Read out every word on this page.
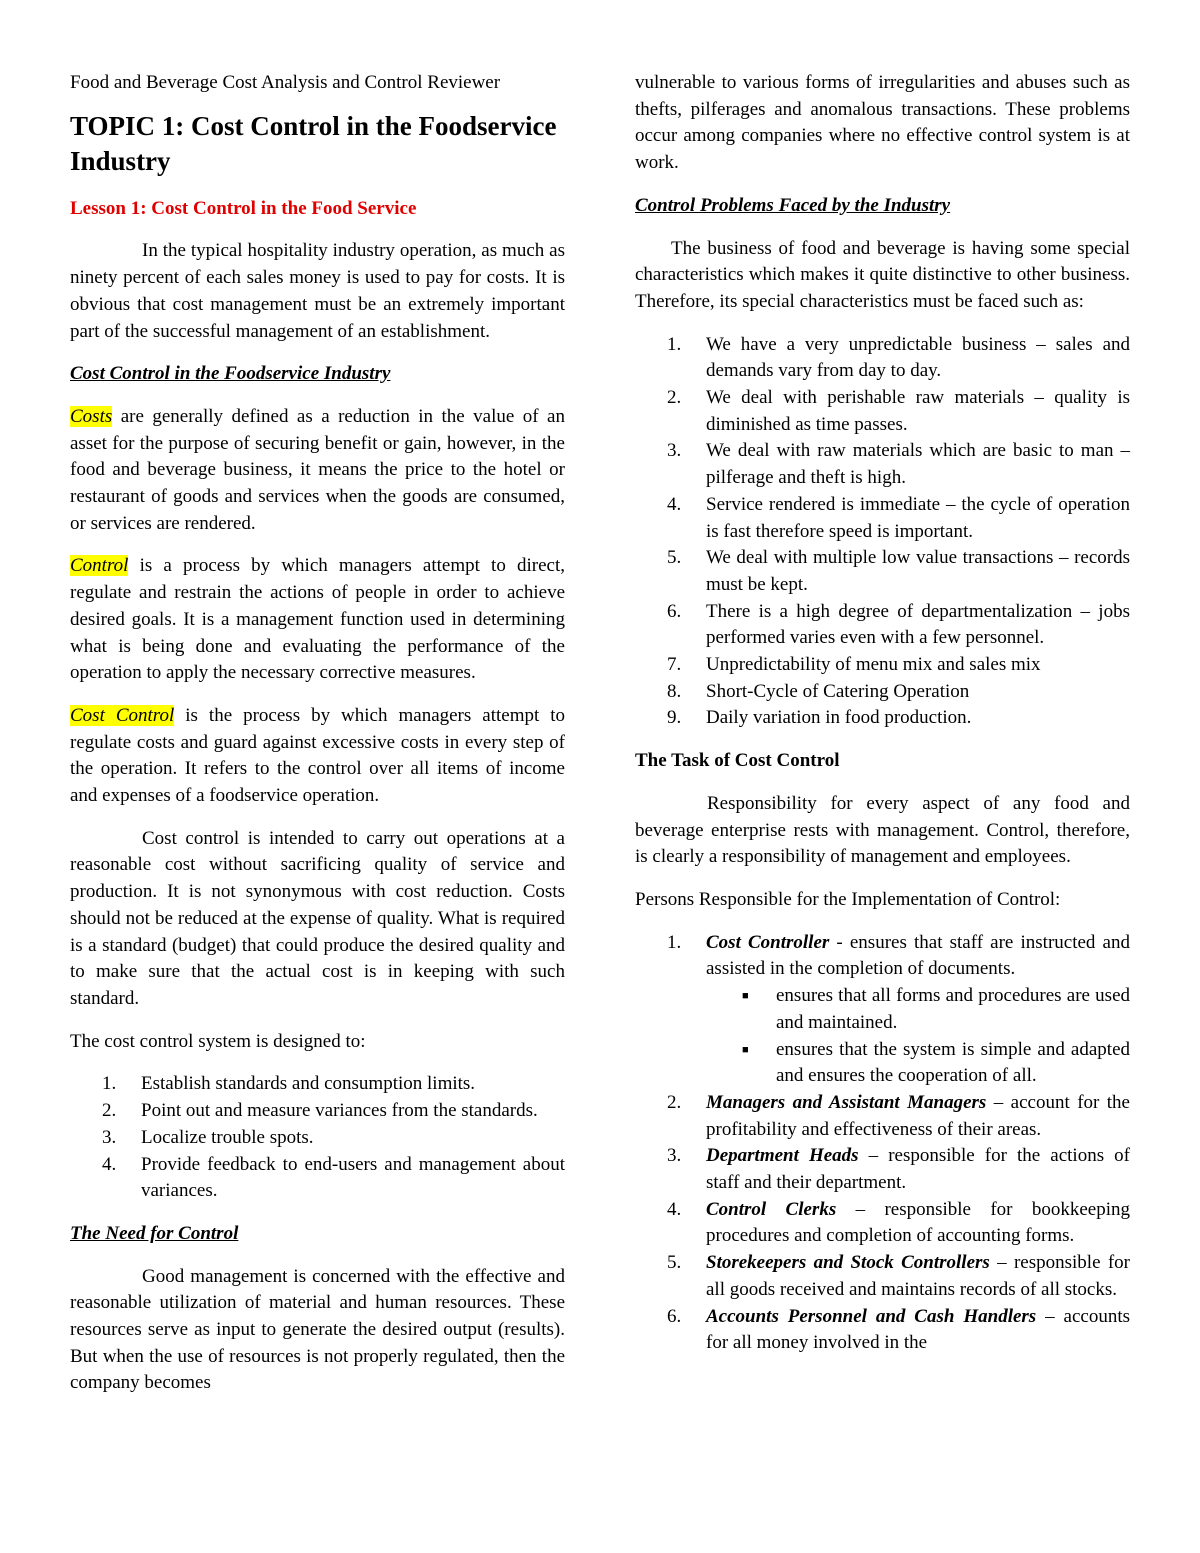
Food and Beverage Cost Analysis and Control Reviewer

TOPIC 1: Cost Control in the Foodservice Industry

Lesson 1: Cost Control in the Food Service

In the typical hospitality industry operation, as much as ninety percent of each sales money is used to pay for costs. It is obvious that cost management must be an extremely important part of the successful management of an establishment.

Cost Control in the Foodservice Industry

Costs are generally defined as a reduction in the value of an asset for the purpose of securing benefit or gain, however, in the food and beverage business, it means the price to the hotel or restaurant of goods and services when the goods are consumed, or services are rendered.

Control is a process by which managers attempt to direct, regulate and restrain the actions of people in order to achieve desired goals. It is a management function used in determining what is being done and evaluating the performance of the operation to apply the necessary corrective measures.

Cost Control is the process by which managers attempt to regulate costs and guard against excessive costs in every step of the operation. It refers to the control over all items of income and expenses of a foodservice operation.

Cost control is intended to carry out operations at a reasonable cost without sacrificing quality of service and production. It is not synonymous with cost reduction. Costs should not be reduced at the expense of quality. What is required is a standard (budget) that could produce the desired quality and to make sure that the actual cost is in keeping with such standard.

The cost control system is designed to:

1. Establish standards and consumption limits.
2. Point out and measure variances from the standards.
3. Localize trouble spots.
4. Provide feedback to end-users and management about variances.

The Need for Control

Good management is concerned with the effective and reasonable utilization of material and human resources. These resources serve as input to generate the desired output (results). But when the use of resources is not properly regulated, then the company becomes

vulnerable to various forms of irregularities and abuses such as thefts, pilferages and anomalous transactions. These problems occur among companies where no effective control system is at work.

Control Problems Faced by the Industry

The business of food and beverage is having some special characteristics which makes it quite distinctive to other business. Therefore, its special characteristics must be faced such as:

1. We have a very unpredictable business – sales and demands vary from day to day.
2. We deal with perishable raw materials – quality is diminished as time passes.
3. We deal with raw materials which are basic to man – pilferage and theft is high.
4. Service rendered is immediate – the cycle of operation is fast therefore speed is important.
5. We deal with multiple low value transactions – records must be kept.
6. There is a high degree of departmentalization – jobs performed varies even with a few personnel.
7. Unpredictability of menu mix and sales mix
8. Short-Cycle of Catering Operation
9. Daily variation in food production.

The Task of Cost Control

Responsibility for every aspect of any food and beverage enterprise rests with management. Control, therefore, is clearly a responsibility of management and employees.

Persons Responsible for the Implementation of Control:

1. Cost Controller - ensures that staff are instructed and assisted in the completion of documents.
■ ensures that all forms and procedures are used and maintained.
■ ensures that the system is simple and adapted and ensures the cooperation of all.
2. Managers and Assistant Managers – account for the profitability and effectiveness of their areas.
3. Department Heads – responsible for the actions of staff and their department.
4. Control Clerks – responsible for bookkeeping procedures and completion of accounting forms.
5. Storekeepers and Stock Controllers – responsible for all goods received and maintains records of all stocks.
6. Accounts Personnel and Cash Handlers – accounts for all money involved in the
